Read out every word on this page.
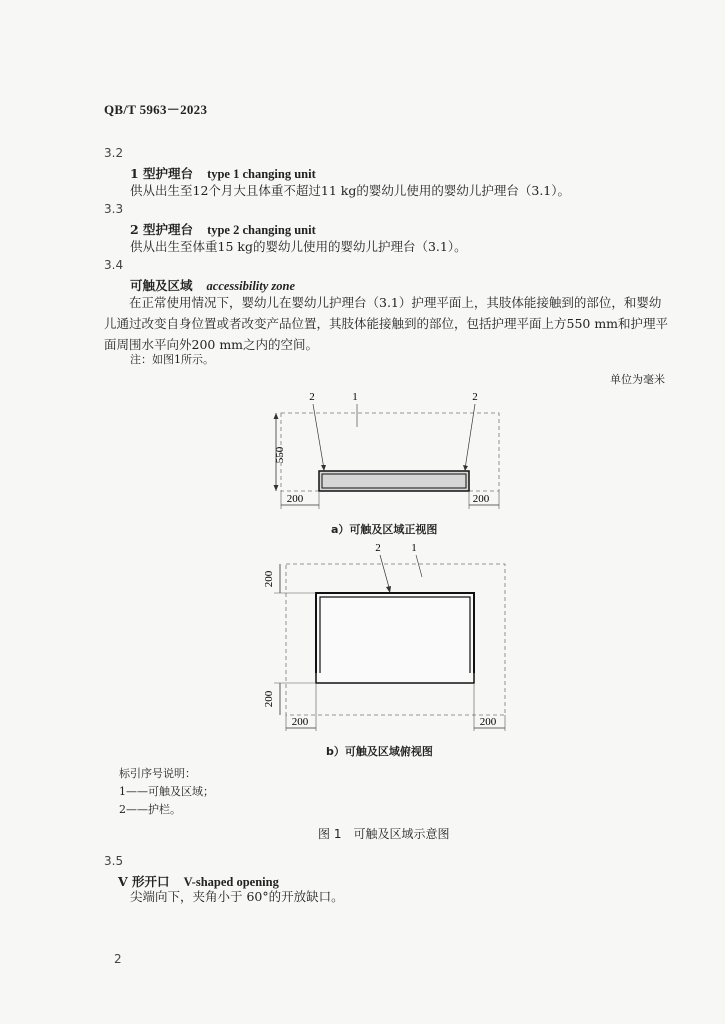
QB/T 5963－2023
3.2
1 型护理台 type 1 changing unit
供从出生至12个月大且体重不超过11 kg的婴幼儿使用的婴幼儿护理台（3.1）。
3.3
2 型护理台 type 2 changing unit
供从出生至体重15 kg的婴幼儿使用的婴幼儿护理台（3.1）。
3.4
可触及区域 accessibility zone
在正常使用情况下，婴幼儿在婴幼儿护理台（3.1）护理平面上，其肢体能接触到的部位，和婴幼儿通过改变自身位置或者改变产品位置，其肢体能接触到的部位，包括护理平面上方550 mm和护理平面周围水平向外200 mm之内的空间。
注：如图1所示。
单位为毫米
550
200	200
2	1	2
a）可触及区域正视图
200
200
200	200
2	1
b）可触及区域俯视图
标引序号说明：
1——可触及区域；
2——护栏。
图 1　可触及区域示意图
3.5
V 形开口 V-shaped opening
尖端向下，夹角小于 60°的开放缺口。
2
